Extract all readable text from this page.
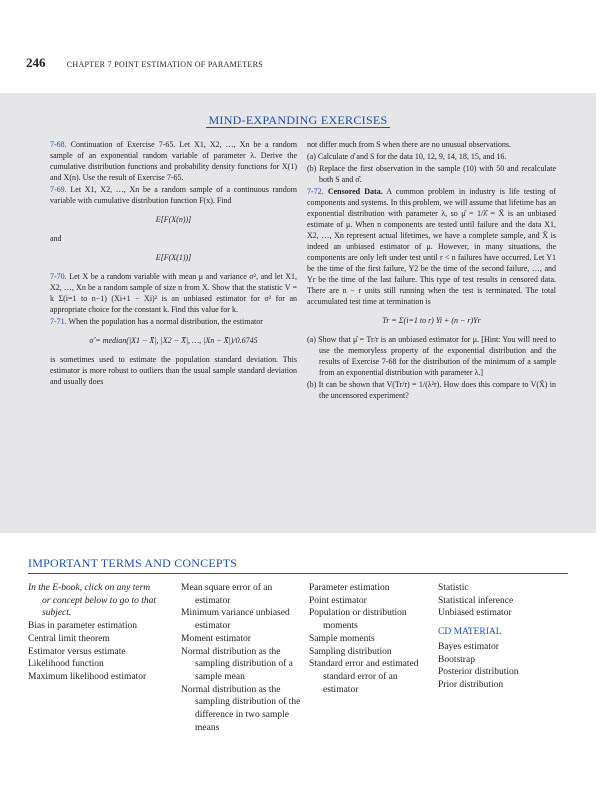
246	CHAPTER 7 POINT ESTIMATION OF PARAMETERS
MIND-EXPANDING EXERCISES

7-68. Continuation of Exercise 7-65. Let X1, X2, …, Xn be a random sample of an exponential random variable of parameter λ. Derive the cumulative distribution functions and probability density functions for X(1) and X(n). Use the result of Exercise 7-65.

7-69. Let X1, X2, …, Xn be a random sample of a continuous random variable with cumulative distribution function F(x). Find

E[F(X(n))]
and
E[F(X(1))]

7-70. Let X be a random variable with mean μ and variance σ², and let X1, X2, …, Xn be a random sample of size n from X. Show that the statistic V = k Σ(i=1 to n−1) (Xi+1 − Xi)² is an unbiased estimator for σ² for an appropriate choice for the constant k. Find this value for k.

7-71. When the population has a normal distribution, the estimator

σ̂ = median(|X1 − X̄|, |X2 − X̄|, …, |Xn − X̄|)/0.6745

is sometimes used to estimate the population standard deviation. This estimator is more robust to outliers than the usual sample standard deviation and usually does

not differ much from S when there are no unusual observations.

(a) Calculate σ̂ and S for the data 10, 12, 9, 14, 18, 15, and 16.

(b) Replace the first observation in the sample (10) with 50 and recalculate both S and σ̂.

7-72. Censored Data. A common problem in industry is life testing of components and systems. In this problem, we will assume that lifetime has an exponential distribution with parameter λ, so μ̂ = 1/λ̂ = X̄ is an unbiased estimate of μ. When n components are tested until failure and the data X1, X2, …, Xn represent actual lifetimes, we have a complete sample, and X̄ is indeed an unbiased estimator of μ. However, in many situations, the components are only left under test until r < n failures have occurred. Let Y1 be the time of the first failure, Y2 be the time of the second failure, …, and Yr be the time of the last failure. This type of test results in censored data. There are n − r units still running when the test is terminated. The total accumulated test time at termination is

Tr = Σ(i=1 to r) Yi + (n − r)Yr

(a) Show that μ̂ = Tr/r is an unbiased estimator for μ. [Hint: You will need to use the memoryless property of the exponential distribution and the results of Exercise 7-68 for the distribution of the minimum of a sample from an exponential distribution with parameter λ.]

(b) It can be shown that V(Tr/r) = 1/(λ²r). How does this compare to V(X̄) in the uncensored experiment?

IMPORTANT TERMS AND CONCEPTS
In the E-book, click on any term or concept below to go to that subject.
Bias in parameter estimation
Central limit theorem
Estimator versus estimate
Likelihood function
Maximum likelihood estimator
Mean square error of an estimator
Minimum variance unbiased estimator
Moment estimator
Normal distribution as the sampling distribution of a sample mean
Normal distribution as the sampling distribution of the difference in two sample means
Parameter estimation
Point estimator
Population or distribution moments
Sample moments
Sampling distribution
Standard error and estimated standard error of an estimator
Statistic
Statistical inference
Unbiased estimator
CD MATERIAL
Bayes estimator
Bootstrap
Posterior distribution
Prior distribution
